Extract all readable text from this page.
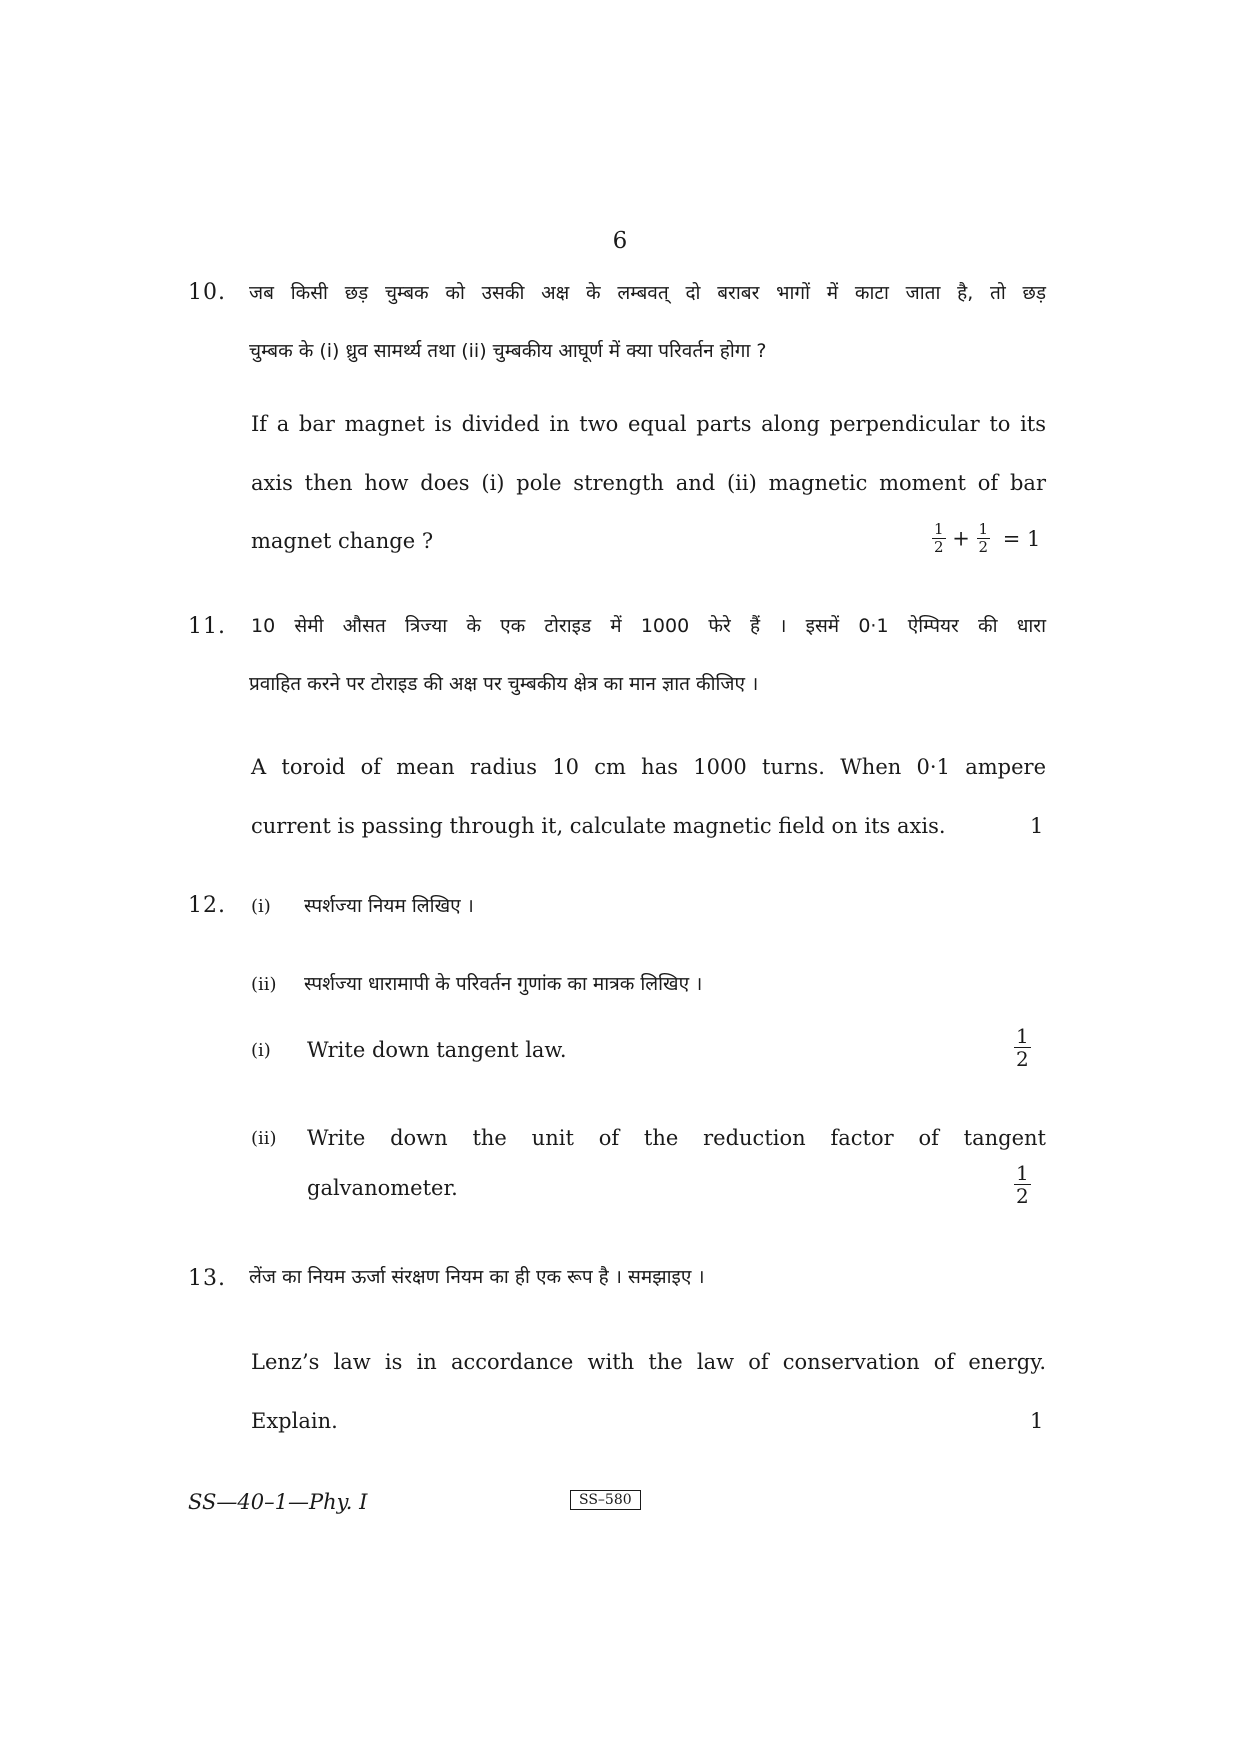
6
10. जब किसी छड़ चुम्बक को उसकी अक्ष के लम्बवत् दो बराबर भागों में काटा जाता है, तो छड़
चुम्बक के (i) ध्रुव सामर्थ्य तथा (ii) चुम्बकीय आघूर्ण में क्या परिवर्तन होगा ?
If a bar magnet is divided in two equal parts along perpendicular to its
axis then how does (i) pole strength and (ii) magnetic moment of bar
magnet change ?	$\frac{1}{2} + \frac{1}{2} = 1$
11. 10 सेमी औसत त्रिज्या के एक टोराइड में 1000 फेरे हैं । इसमें 0·1 ऐम्पियर की धारा
प्रवाहित करने पर टोराइड की अक्ष पर चुम्बकीय क्षेत्र का मान ज्ञात कीजिए ।
A toroid of mean radius 10 cm has 1000 turns. When 0·1 ampere
current is passing through it, calculate magnetic field on its axis.	1
12. (i) स्पर्शज्या नियम लिखिए ।
(ii) स्पर्शज्या धारामापी के परिवर्तन गुणांक का मात्रक लिखिए ।
(i) Write down tangent law.	$\frac{1}{2}$
(ii) Write down the unit of the reduction factor of tangent
galvanometer.	$\frac{1}{2}$
13. लेंज का नियम ऊर्जा संरक्षण नियम का ही एक रूप है । समझाइए ।
Lenz’s law is in accordance with the law of conservation of energy.
Explain.	1
SS—40–1—Phy. I	SS–580
